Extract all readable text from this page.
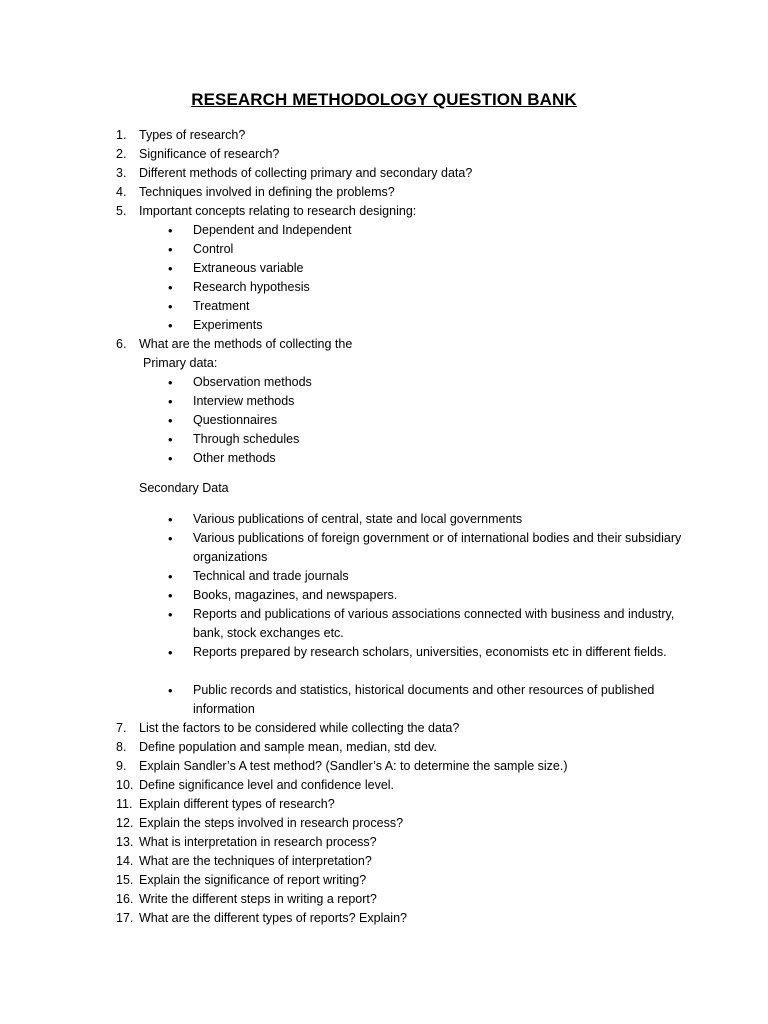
RESEARCH METHODOLOGY QUESTION BANK
1.	Types of research?
2.	Significance of research?
3.	Different methods of collecting primary and secondary data?
4.	Techniques involved in defining the problems?
5.	Important concepts relating to research designing:
• Dependent and Independent
• Control
• Extraneous variable
• Research hypothesis
• Treatment
• Experiments
6.	What are the methods of collecting the
Primary data:
• Observation methods
• Interview methods
• Questionnaires
• Through schedules
• Other methods
Secondary Data
• Various publications of central, state and local governments
• Various publications of foreign government or of international bodies and their subsidiary organizations
• Technical and trade journals
• Books, magazines, and newspapers.
• Reports and publications of various associations connected with business and industry, bank, stock exchanges etc.
• Reports prepared by research scholars, universities, economists etc in different fields.
• Public records and statistics, historical documents and other resources of published information
7.	List the factors to be considered while collecting the data?
8.	Define population and sample mean, median, std dev.
9.	Explain Sandler’s A test method? (Sandler’s A: to determine the sample size.)
10. Define significance level and confidence level.
11. Explain different types of research?
12. Explain the steps involved in research process?
13. What is interpretation in research process?
14. What are the techniques of interpretation?
15. Explain the significance of report writing?
16. Write the different steps in writing a report?
17. What are the different types of reports? Explain?
